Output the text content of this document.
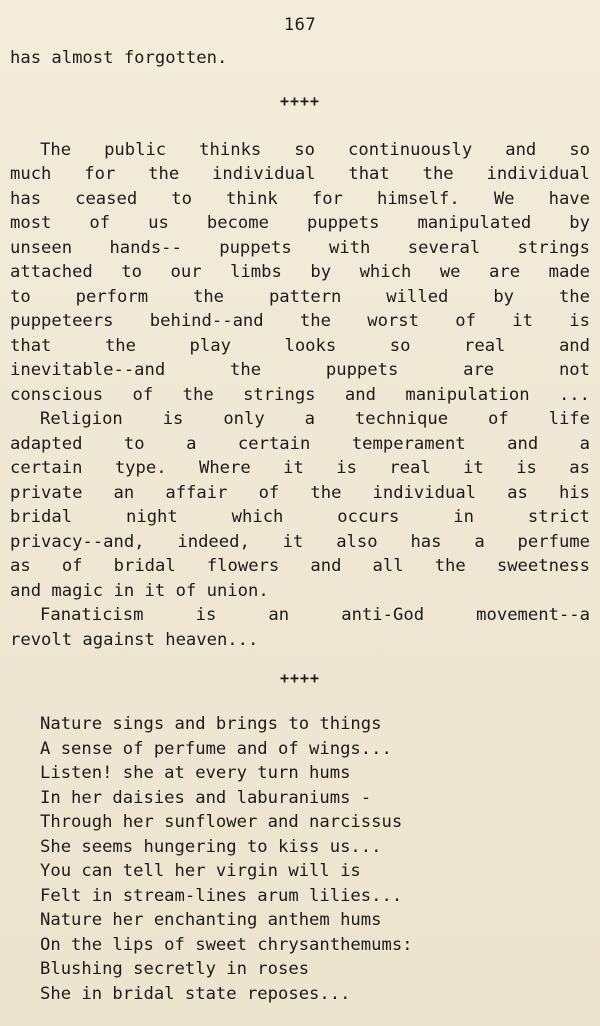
167
has almost forgotten.
++++
The public thinks so continuously and so
much for the individual that the individual
has ceased to think for himself. We have
most of us become puppets manipulated by
unseen hands-- puppets with several strings
attached to our limbs by which we are made
to perform the pattern willed by the
puppeteers behind--and the worst of it is
that the play looks so real and
inevitable--and the puppets are not
conscious of the strings and manipulation ...
Religion is only a technique of life
adapted to a certain temperament and a
certain type. Where it is real it is as
private an affair of the individual as his
bridal night which occurs in strict
privacy--and, indeed, it also has a perfume
as of bridal flowers and all the sweetness
and magic in it of union.
Fanaticism is an anti-God movement--a
revolt against heaven...
++++
Nature sings and brings to things
A sense of perfume and of wings...
Listen! she at every turn hums
In her daisies and laburaniums -
Through her sunflower and narcissus
She seems hungering to kiss us...
You can tell her virgin will is
Felt in stream-lines arum lilies...
Nature her enchanting anthem hums
On the lips of sweet chrysanthemums:
Blushing secretly in roses
She in bridal state reposes...
